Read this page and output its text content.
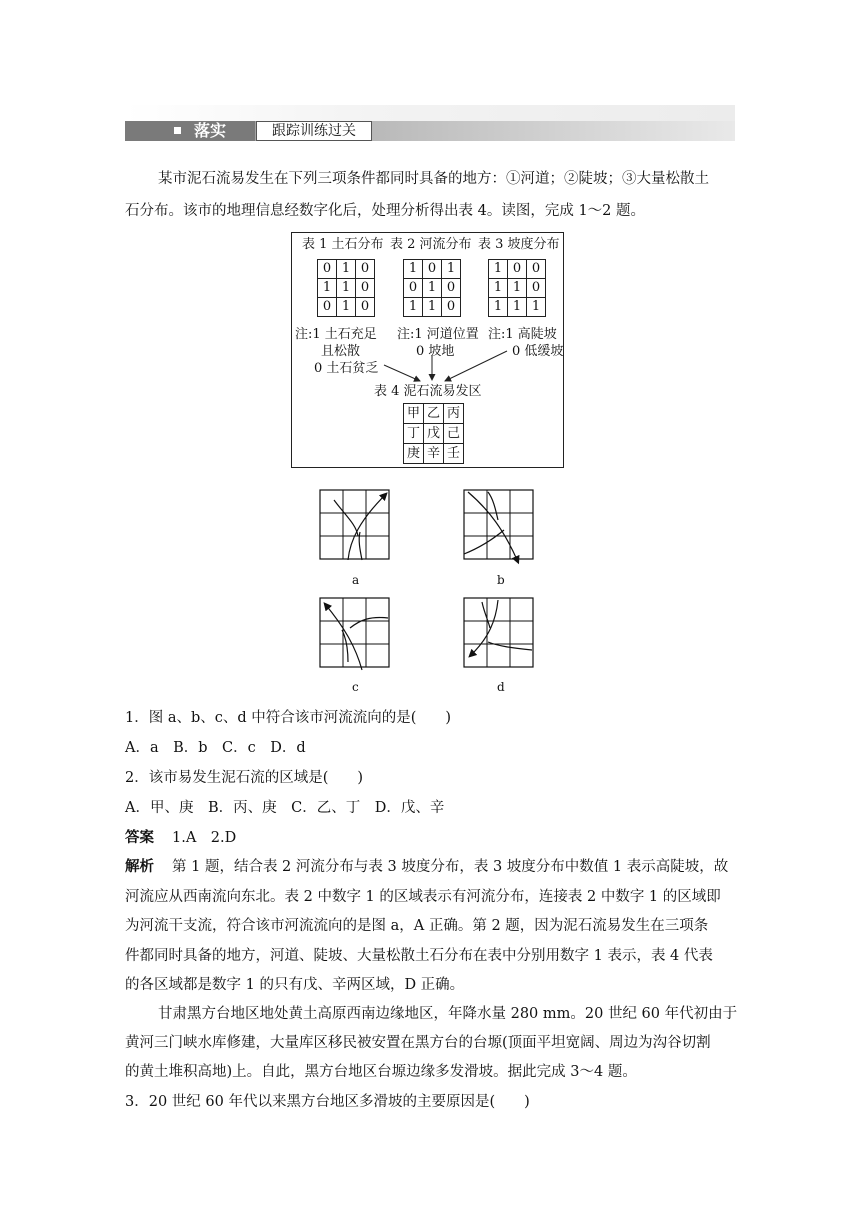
落实	跟踪训练过关
某市泥石流易发生在下列三项条件都同时具备的地方：①河道；②陡坡；③大量松散土
石分布。该市的地理信息经数字化后，处理分析得出表 4。读图，完成 1～2 题。
表 1 土石分布 表 2 河流分布 表 3 坡度分布
0	1	0
1	1	0
0	1	0
1	0	1
0	1	0
1	1	0
1	0	0
1	1	0
1	1	1
注:1 土石充足
且松散
0 土石贫乏
注:1 河道位置
0 坡地
注:1 高陡坡
0 低缓坡
表 4 泥石流易发区
甲	乙	丙
丁	戊	己
庚	辛	壬
a	b
c	d
1．图 a、b、c、d 中符合该市河流流向的是(　　)
A．a　B．b　C．c　D．d
2．该市易发生泥石流的区域是(　　)
A．甲、庚　B．丙、庚　C．乙、丁　D．戊、辛
答案 1.A　2.D
解析 第 1 题，结合表 2 河流分布与表 3 坡度分布，表 3 坡度分布中数值 1 表示高陡坡，故
河流应从西南流向东北。表 2 中数字 1 的区域表示有河流分布，连接表 2 中数字 1 的区域即
为河流干支流，符合该市河流流向的是图 a，A 正确。第 2 题，因为泥石流易发生在三项条
件都同时具备的地方，河道、陡坡、大量松散土石分布在表中分别用数字 1 表示，表 4 代表
的各区域都是数字 1 的只有戊、辛两区域，D 正确。
甘肃黑方台地区地处黄土高原西南边缘地区，年降水量 280 mm。20 世纪 60 年代初由于
黄河三门峡水库修建，大量库区移民被安置在黑方台的台塬(顶面平坦宽阔、周边为沟谷切割
的黄土堆积高地)上。自此，黑方台地区台塬边缘多发滑坡。据此完成 3～4 题。
3．20 世纪 60 年代以来黑方台地区多滑坡的主要原因是(　　)
